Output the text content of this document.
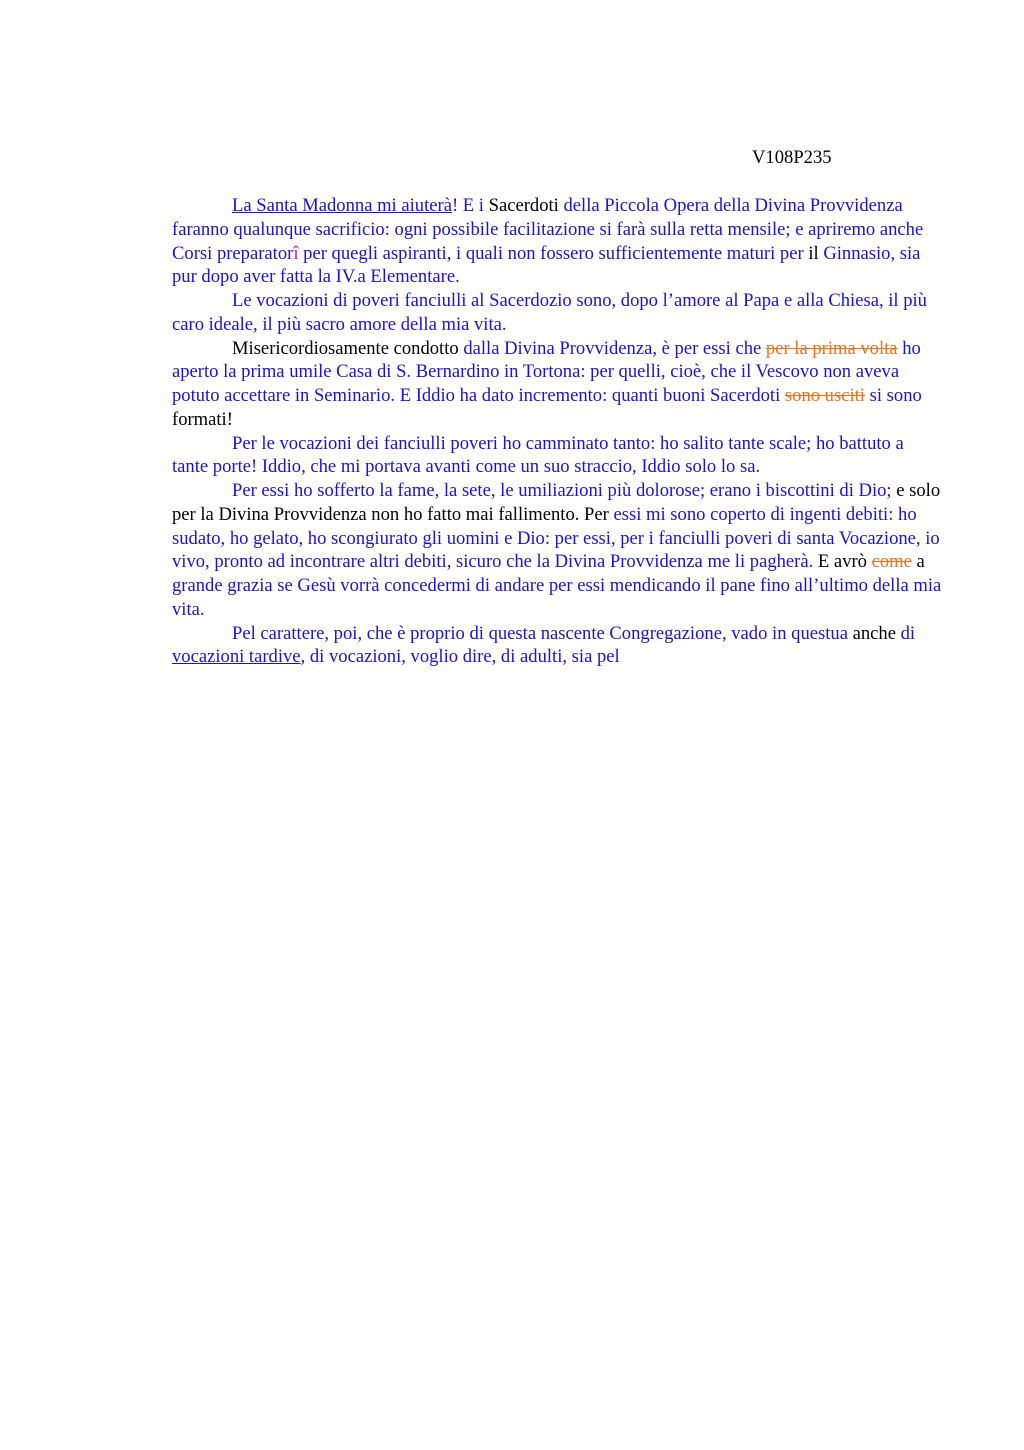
V108P235

La Santa Madonna mi aiuterà! E i Sacerdoti della Piccola Opera della Divina Provvidenza faranno qualunque sacrificio: ogni possibile facilitazione si farà sulla retta mensile; e apriremo anche Corsi preparatorî per quegli aspiranti, i quali non fossero sufficientemente maturi per il Ginnasio, sia pur dopo aver fatta la IV.a Elementare.

Le vocazioni di poveri fanciulli al Sacerdozio sono, dopo l’amore al Papa e alla Chiesa, il più caro ideale, il più sacro amore della mia vita.

Misericordiosamente condotto dalla Divina Provvidenza, è per essi che per la prima volta ho aperto la prima umile Casa di S. Bernardino in Tortona: per quelli, cioè, che il Vescovo non aveva potuto accettare in Seminario. E Iddio ha dato incremento: quanti buoni Sacerdoti sono usciti si sono formati!

Per le vocazioni dei fanciulli poveri ho camminato tanto: ho salito tante scale; ho battuto a tante porte! Iddio, che mi portava avanti come un suo straccio, Iddio solo lo sa.

Per essi ho sofferto la fame, la sete, le umiliazioni più dolorose; erano i biscottini di Dio; e solo per la Divina Provvidenza non ho fatto mai fallimento. Per essi mi sono coperto di ingenti debiti: ho sudato, ho gelato, ho scongiurato gli uomini e Dio: per essi, per i fanciulli poveri di santa Vocazione, io vivo, pronto ad incontrare altri debiti, sicuro che la Divina Provvidenza me li pagherà. E avrò come a grande grazia se Gesù vorrà concedermi di andare per essi mendicando il pane fino all’ultimo della mia vita.

Pel carattere, poi, che è proprio di questa nascente Congregazione, vado in questua anche di vocazioni tardive, di vocazioni, voglio dire, di adulti, sia pel
